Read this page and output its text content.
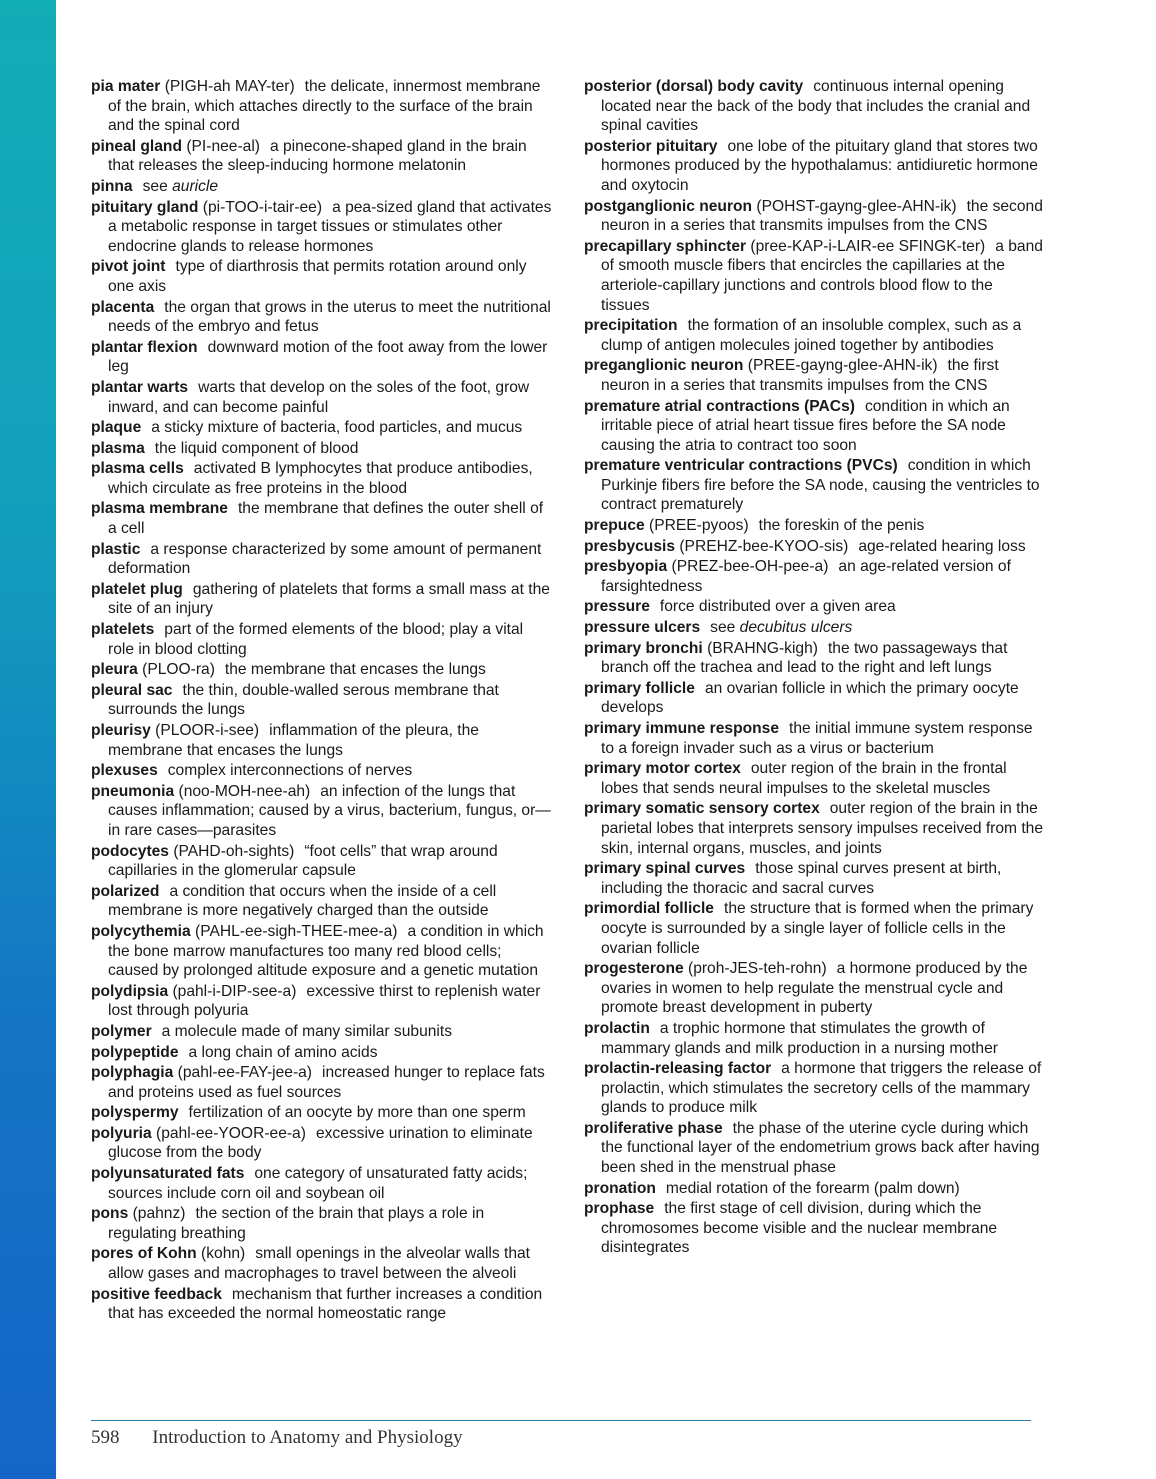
pia mater (PIGH-ah MAY-ter) the delicate, innermost membrane of the brain, which attaches directly to the surface of the brain and the spinal cord
pineal gland (PI-nee-al) a pinecone-shaped gland in the brain that releases the sleep-inducing hormone melatonin
pinna see auricle
pituitary gland (pi-TOO-i-tair-ee) a pea-sized gland that activates a metabolic response in target tissues or stimulates other endocrine glands to release hormones
pivot joint type of diarthrosis that permits rotation around only one axis
placenta the organ that grows in the uterus to meet the nutritional needs of the embryo and fetus
plantar flexion downward motion of the foot away from the lower leg
plantar warts warts that develop on the soles of the foot, grow inward, and can become painful
plaque a sticky mixture of bacteria, food particles, and mucus
plasma the liquid component of blood
plasma cells activated B lymphocytes that produce antibodies, which circulate as free proteins in the blood
plasma membrane the membrane that defines the outer shell of a cell
plastic a response characterized by some amount of permanent deformation
platelet plug gathering of platelets that forms a small mass at the site of an injury
platelets part of the formed elements of the blood; play a vital role in blood clotting
pleura (PLOO-ra) the membrane that encases the lungs
pleural sac the thin, double-walled serous membrane that surrounds the lungs
pleurisy (PLOOR-i-see) inflammation of the pleura, the membrane that encases the lungs
plexuses complex interconnections of nerves
pneumonia (noo-MOH-nee-ah) an infection of the lungs that causes inflammation; caused by a virus, bacterium, fungus, or—in rare cases—parasites
podocytes (PAHD-oh-sights) “foot cells” that wrap around capillaries in the glomerular capsule
polarized a condition that occurs when the inside of a cell membrane is more negatively charged than the outside
polycythemia (PAHL-ee-sigh-THEE-mee-a) a condition in which the bone marrow manufactures too many red blood cells; caused by prolonged altitude exposure and a genetic mutation
polydipsia (pahl-i-DIP-see-a) excessive thirst to replenish water lost through polyuria
polymer a molecule made of many similar subunits
polypeptide a long chain of amino acids
polyphagia (pahl-ee-FAY-jee-a) increased hunger to replace fats and proteins used as fuel sources
polyspermy fertilization of an oocyte by more than one sperm
polyuria (pahl-ee-YOOR-ee-a) excessive urination to eliminate glucose from the body
polyunsaturated fats one category of unsaturated fatty acids; sources include corn oil and soybean oil
pons (pahnz) the section of the brain that plays a role in regulating breathing
pores of Kohn (kohn) small openings in the alveolar walls that allow gases and macrophages to travel between the alveoli
positive feedback mechanism that further increases a condition that has exceeded the normal homeostatic range
posterior (dorsal) body cavity continuous internal opening located near the back of the body that includes the cranial and spinal cavities
posterior pituitary one lobe of the pituitary gland that stores two hormones produced by the hypothalamus: antidiuretic hormone and oxytocin
postganglionic neuron (POHST-gayng-glee-AHN-ik) the second neuron in a series that transmits impulses from the CNS
precapillary sphincter (pree-KAP-i-LAIR-ee SFINGK-ter) a band of smooth muscle fibers that encircles the capillaries at the arteriole-capillary junctions and controls blood flow to the tissues
precipitation the formation of an insoluble complex, such as a clump of antigen molecules joined together by antibodies
preganglionic neuron (PREE-gayng-glee-AHN-ik) the first neuron in a series that transmits impulses from the CNS
premature atrial contractions (PACs) condition in which an irritable piece of atrial heart tissue fires before the SA node causing the atria to contract too soon
premature ventricular contractions (PVCs) condition in which Purkinje fibers fire before the SA node, causing the ventricles to contract prematurely
prepuce (PREE-pyoos) the foreskin of the penis
presbycusis (PREHZ-bee-KYOO-sis) age-related hearing loss
presbyopia (PREZ-bee-OH-pee-a) an age-related version of farsightedness
pressure force distributed over a given area
pressure ulcers see decubitus ulcers
primary bronchi (BRAHNG-kigh) the two passageways that branch off the trachea and lead to the right and left lungs
primary follicle an ovarian follicle in which the primary oocyte develops
primary immune response the initial immune system response to a foreign invader such as a virus or bacterium
primary motor cortex outer region of the brain in the frontal lobes that sends neural impulses to the skeletal muscles
primary somatic sensory cortex outer region of the brain in the parietal lobes that interprets sensory impulses received from the skin, internal organs, muscles, and joints
primary spinal curves those spinal curves present at birth, including the thoracic and sacral curves
primordial follicle the structure that is formed when the primary oocyte is surrounded by a single layer of follicle cells in the ovarian follicle
progesterone (proh-JES-teh-rohn) a hormone produced by the ovaries in women to help regulate the menstrual cycle and promote breast development in puberty
prolactin a trophic hormone that stimulates the growth of mammary glands and milk production in a nursing mother
prolactin-releasing factor a hormone that triggers the release of prolactin, which stimulates the secretory cells of the mammary glands to produce milk
proliferative phase the phase of the uterine cycle during which the functional layer of the endometrium grows back after having been shed in the menstrual phase
pronation medial rotation of the forearm (palm down)
prophase the first stage of cell division, during which the chromosomes become visible and the nuclear membrane disintegrates
598 Introduction to Anatomy and Physiology
